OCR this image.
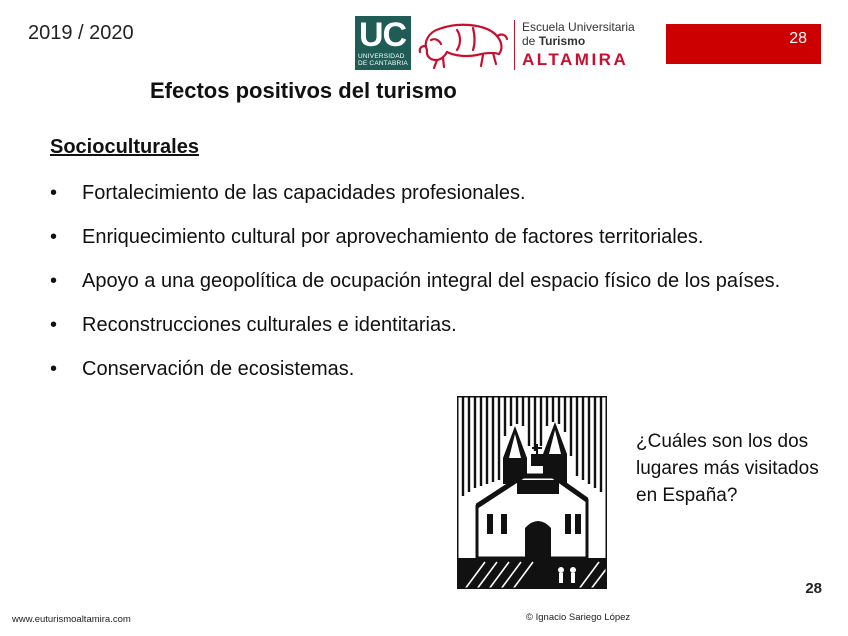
2019 / 2020	UC
UNIVERSIDAD DE CANTABRIA
Escuela Universitaria
de Turismo
ALTAMIRA
28
Efectos positivos del turismo
Socioculturales
• Fortalecimiento de las capacidades profesionales.
• Enriquecimiento cultural por aprovechamiento de factores territoriales.
• Apoyo a una geopolítica de ocupación integral del espacio físico de los países.
• Reconstrucciones culturales e identitarias.
• Conservación de ecosistemas.
¿Cuáles son los dos lugares más visitados en España?
28
www.euturismoaltamira.com	© Ignacio Sariego López
